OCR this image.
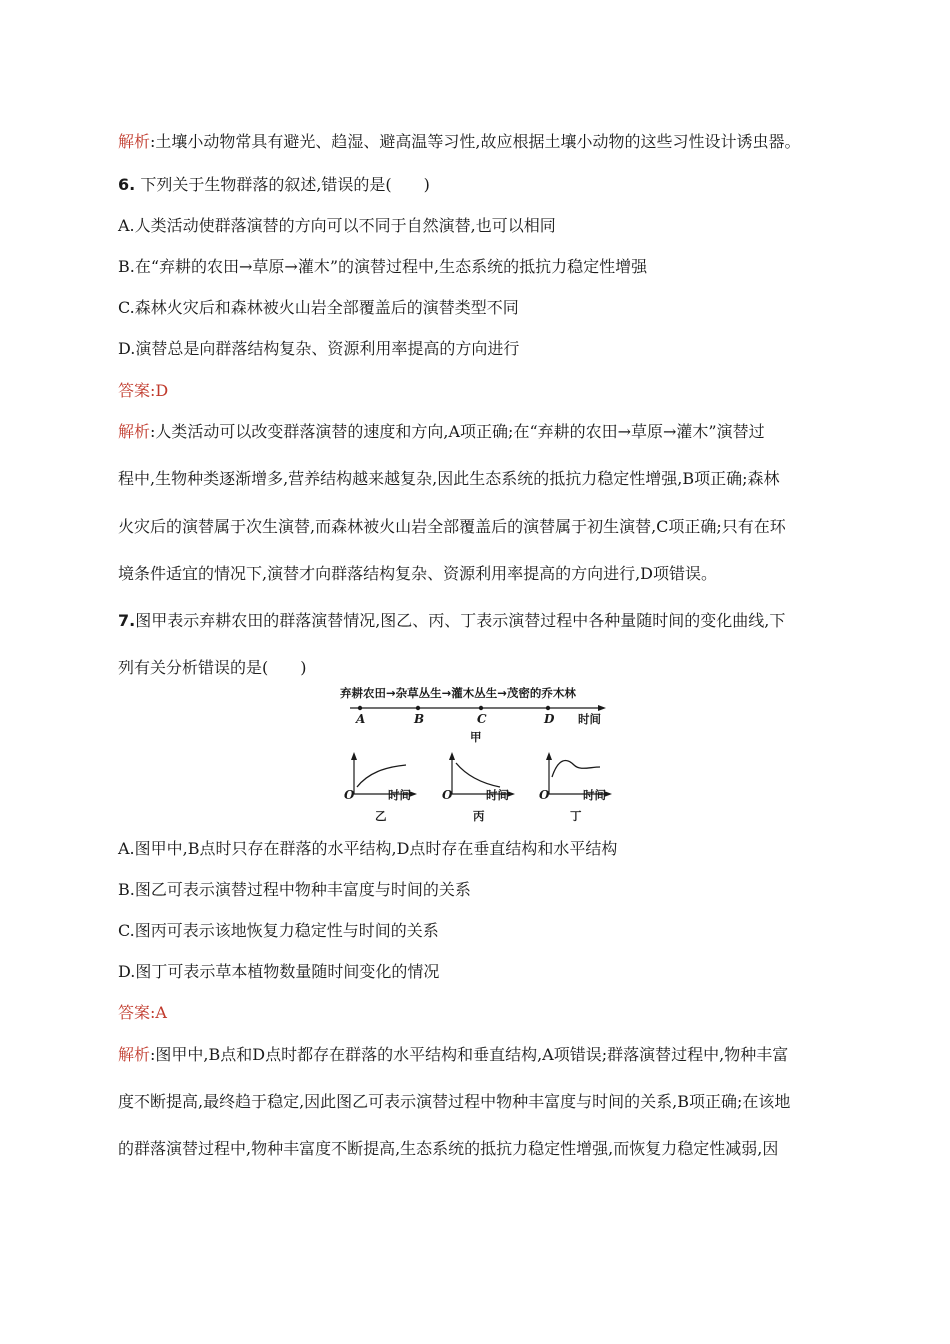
解析:土壤小动物常具有避光、趋湿、避高温等习性,故应根据土壤小动物的这些习性设计诱虫器。
6. 下列关于生物群落的叙述,错误的是(　　)
A.人类活动使群落演替的方向可以不同于自然演替,也可以相同
B.在“弃耕的农田→草原→灌木”的演替过程中,生态系统的抵抗力稳定性增强
C.森林火灾后和森林被火山岩全部覆盖后的演替类型不同
D.演替总是向群落结构复杂、资源利用率提高的方向进行
答案:D
解析:人类活动可以改变群落演替的速度和方向,A项正确;在“弃耕的农田→草原→灌木”演替过
程中,生物种类逐渐增多,营养结构越来越复杂,因此生态系统的抵抗力稳定性增强,B项正确;森林
火灾后的演替属于次生演替,而森林被火山岩全部覆盖后的演替属于初生演替,C项正确;只有在环
境条件适宜的情况下,演替才向群落结构复杂、资源利用率提高的方向进行,D项错误。
7.图甲表示弃耕农田的群落演替情况,图乙、丙、丁表示演替过程中各种量随时间的变化曲线,下
列有关分析错误的是(　　)
弃耕农田→杂草丛生→灌木丛生→茂密的乔木林
A	B	C	D 时间
甲
O	时间
乙
O	时间
丙
O	时间
丁
A.图甲中,B点时只存在群落的水平结构,D点时存在垂直结构和水平结构
B.图乙可表示演替过程中物种丰富度与时间的关系
C.图丙可表示该地恢复力稳定性与时间的关系
D.图丁可表示草本植物数量随时间变化的情况
答案:A
解析:图甲中,B点和D点时都存在群落的水平结构和垂直结构,A项错误;群落演替过程中,物种丰富
度不断提高,最终趋于稳定,因此图乙可表示演替过程中物种丰富度与时间的关系,B项正确;在该地
的群落演替过程中,物种丰富度不断提高,生态系统的抵抗力稳定性增强,而恢复力稳定性减弱,因
